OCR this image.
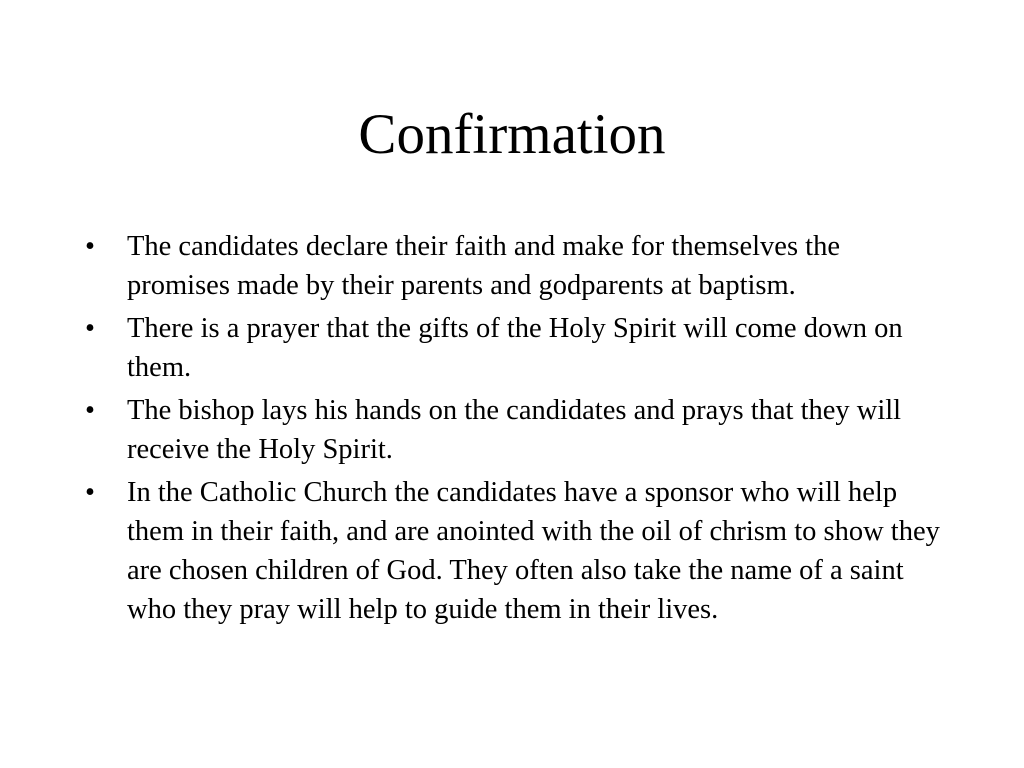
Confirmation
•	The candidates declare their faith and make for themselves the promises made by their parents and godparents at baptism.
•	There is a prayer that the gifts of the Holy Spirit will come down on them.
•	The bishop lays his hands on the candidates and prays that they will receive the Holy Spirit.
•	In the Catholic Church the candidates have a sponsor who will help them in their faith, and are anointed with the oil of chrism to show they are chosen children of God. They often also take the name of a saint who they pray will help to guide them in their lives.
